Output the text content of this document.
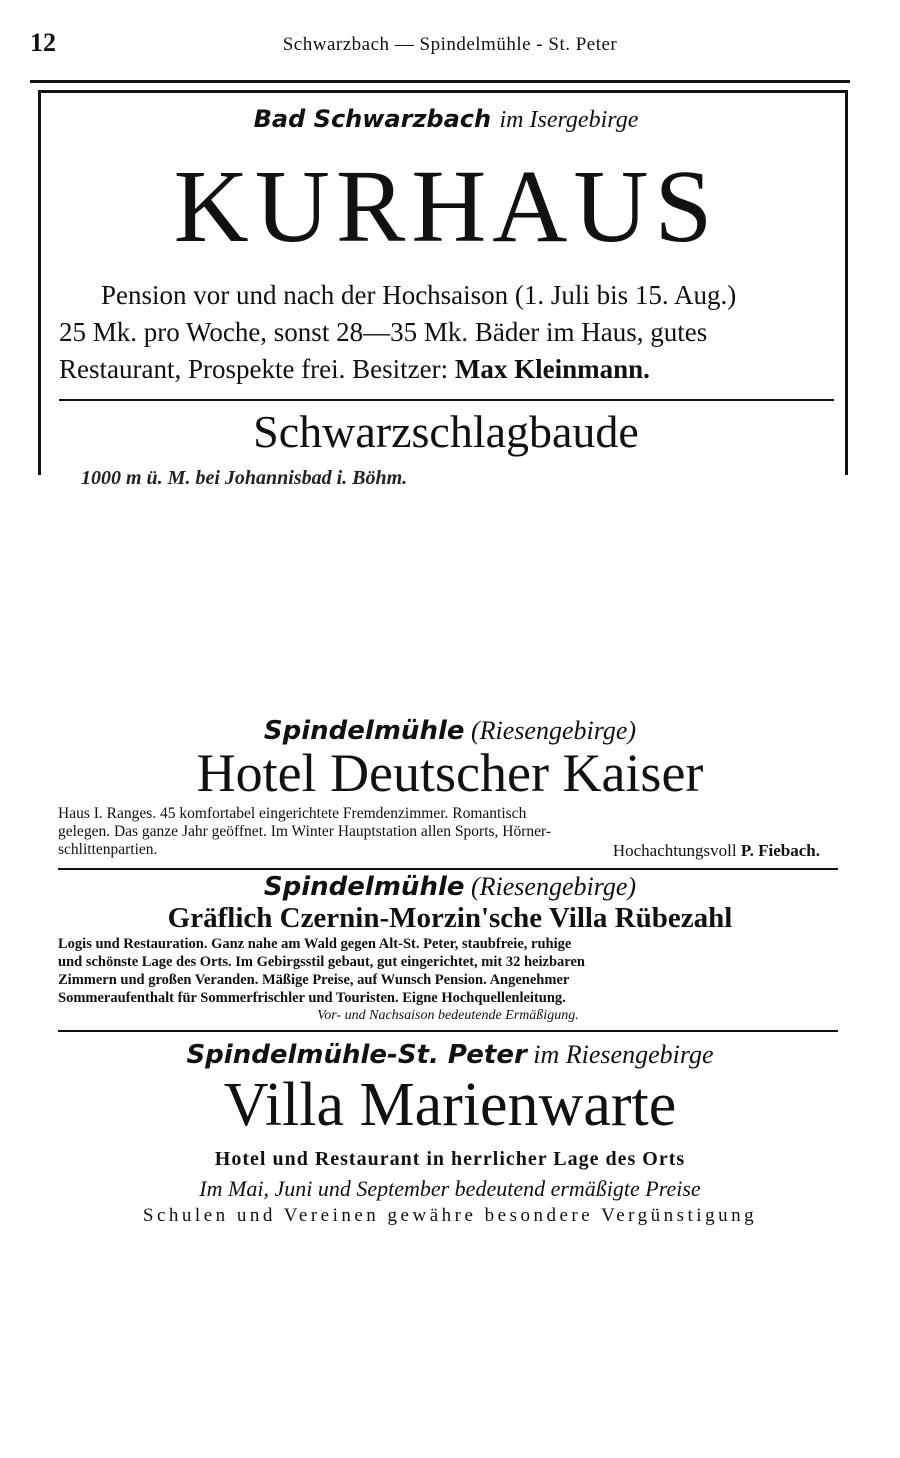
12	Schwarzbach — Spindelmühle - St. Peter
Bad Schwarzbach im Isergebirge
KURHAUS
Pension vor und nach der Hochsaison (1. Juli bis 15. Aug.)
25 Mk. pro Woche, sonst 28—35 Mk. Bäder im Haus, gutes
Restaurant, Prospekte frei. Besitzer: Max Kleinmann.
Schwarzschlagbaude
1000 m ü. M. bei Johannisbad i. Böhm.
Spindelmühle (Riesengebirge)
Hotel Deutscher Kaiser
Haus I. Ranges. 45 komfortabel eingerichtete Fremdenzimmer. Romantisch
gelegen. Das ganze Jahr geöffnet. Im Winter Hauptstation allen Sports, Hörner-
schlittenpartien.	Hochachtungsvoll P. Fiebach.
Spindelmühle (Riesengebirge)
Gräflich Czernin-Morzin'sche Villa Rübezahl
Logis und Restauration. Ganz nahe am Wald gegen Alt-St. Peter, staubfreie, ruhige
und schönste Lage des Orts. Im Gebirgsstil gebaut, gut eingerichtet, mit 32 heizbaren
Zimmern und großen Veranden. Mäßige Preise, auf Wunsch Pension. Angenehmer
Sommeraufenthalt für Sommerfrischler und Touristen. Eigne Hochquellenleitung.
Vor- und Nachsaison bedeutende Ermäßigung.
Spindelmühle-St. Peter im Riesengebirge
Villa Marienwarte
Hotel und Restaurant in herrlicher Lage des Orts
Im Mai, Juni und September bedeutend ermäßigte Preise
Schulen und Vereinen gewähre besondere Vergünstigung
